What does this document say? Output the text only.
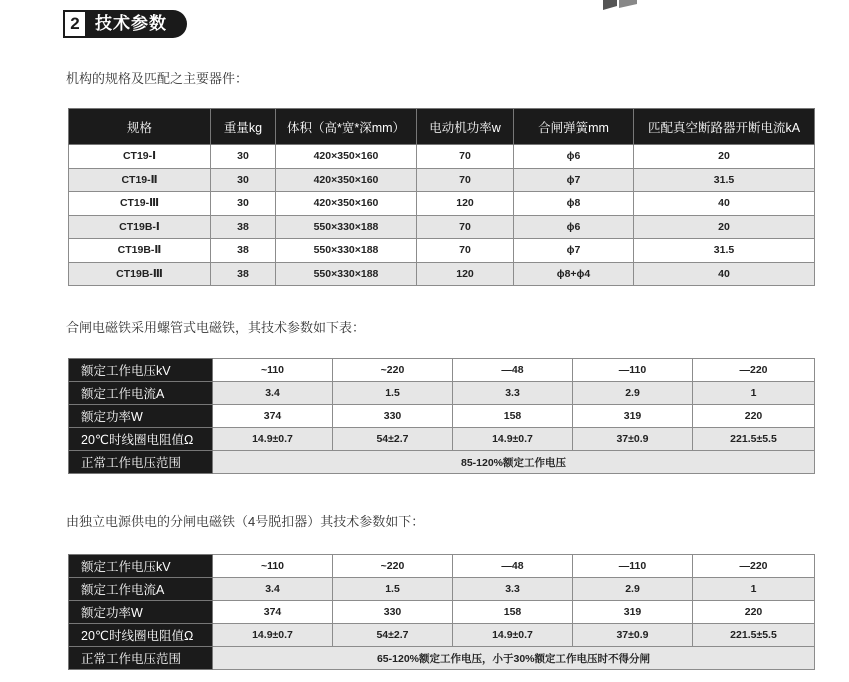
2 技术参数
机构的规格及匹配之主要器件：
规格	重量kg	体积（高*宽*深mm）	电动机功率w	合闸弹簧mm	匹配真空断路器开断电流kA
CT19-Ⅰ	30	420×350×160	70	ɸ6	20
CT19-Ⅱ	30	420×350×160	70	ɸ7	31.5
CT19-Ⅲ	30	420×350×160	120	ɸ8	40
CT19B-Ⅰ	38	550×330×188	70	ɸ6	20
CT19B-Ⅱ	38	550×330×188	70	ɸ7	31.5
CT19B-Ⅲ	38	550×330×188	120	ɸ8+ɸ4	40
合闸电磁铁采用螺管式电磁铁，其技术参数如下表：
额定工作电压kV	~110	~220	—48	—110	—220
额定工作电流A	3.4	1.5	3.3	2.9	1
额定功率W	374	330	158	319	220
20℃时线圈电阻值Ω	14.9±0.7	54±2.7	14.9±0.7	37±0.9	221.5±5.5
正常工作电压范围	85-120%额定工作电压				
由独立电源供电的分闸电磁铁（4号脱扣器）其技术参数如下：
额定工作电压kV	~110	~220	—48	—110	—220
额定工作电流A	3.4	1.5	3.3	2.9	1
额定功率W	374	330	158	319	220
20℃时线圈电阻值Ω	14.9±0.7	54±2.7	14.9±0.7	37±0.9	221.5±5.5
正常工作电压范围	65-120%额定工作电压，小于30%额定工作电压时不得分闸				
